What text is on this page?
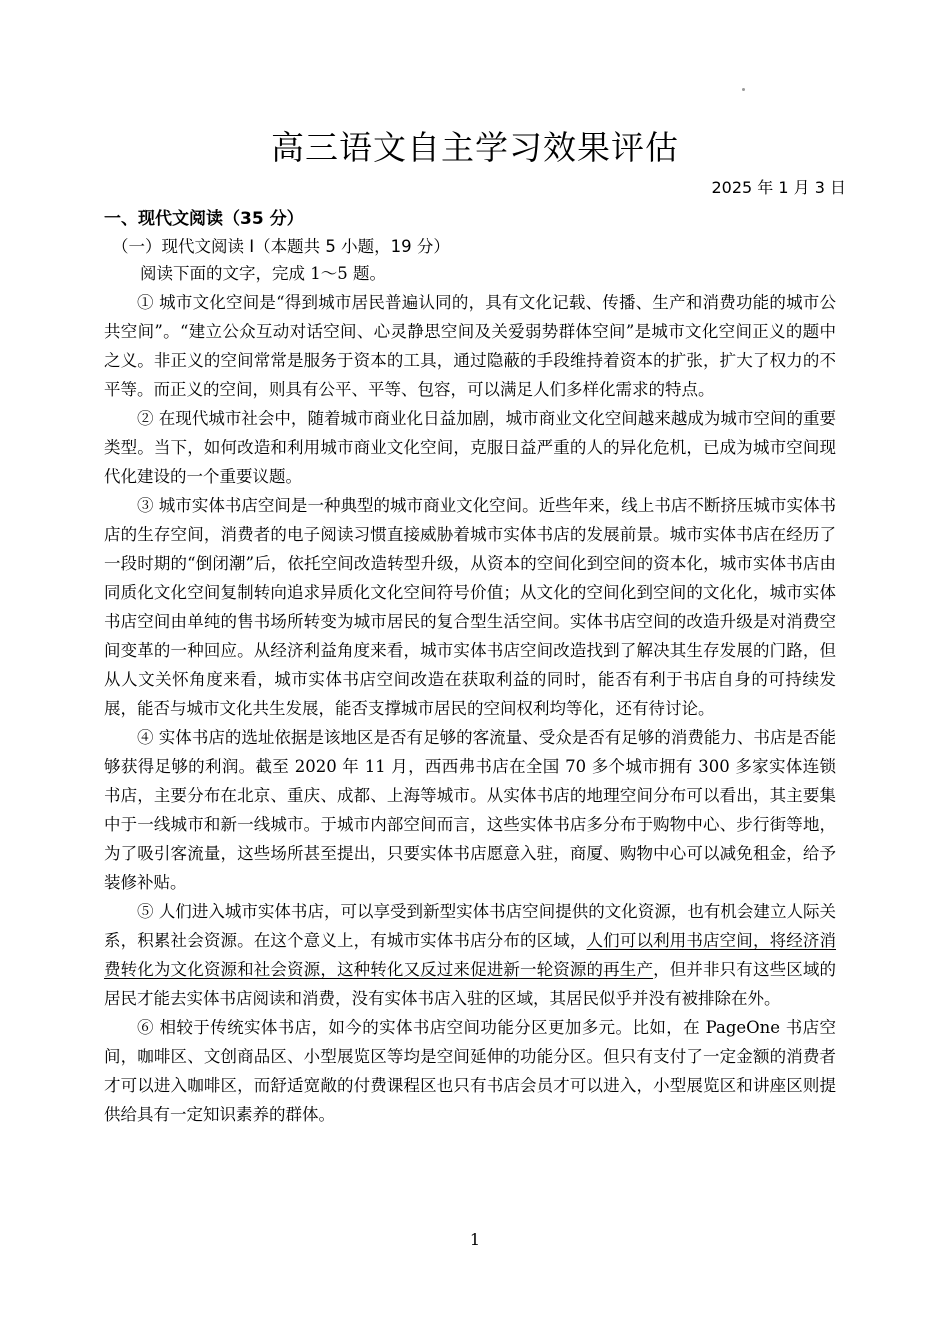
高三语文自主学习效果评估
2025 年 1 月 3 日
一、现代文阅读（35 分）
（一）现代文阅读 I（本题共 5 小题，19 分）
阅读下面的文字，完成 1～5 题。

① 城市文化空间是“得到城市居民普遍认同的，具有文化记载、传播、生产和消费功能的城市公共空间”。“建立公众互动对话空间、心灵静思空间及关爱弱势群体空间”是城市文化空间正义的题中之义。非正义的空间常常是服务于资本的工具，通过隐蔽的手段维持着资本的扩张，扩大了权力的不平等。而正义的空间，则具有公平、平等、包容，可以满足人们多样化需求的特点。

② 在现代城市社会中，随着城市商业化日益加剧，城市商业文化空间越来越成为城市空间的重要类型。当下，如何改造和利用城市商业文化空间，克服日益严重的人的异化危机，已成为城市空间现代化建设的一个重要议题。

③ 城市实体书店空间是一种典型的城市商业文化空间。近些年来，线上书店不断挤压城市实体书店的生存空间，消费者的电子阅读习惯直接威胁着城市实体书店的发展前景。城市实体书店在经历了一段时期的“倒闭潮”后，依托空间改造转型升级，从资本的空间化到空间的资本化，城市实体书店由同质化文化空间复制转向追求异质化文化空间符号价值；从文化的空间化到空间的文化化，城市实体书店空间由单纯的售书场所转变为城市居民的复合型生活空间。实体书店空间的改造升级是对消费空间变革的一种回应。从经济利益角度来看，城市实体书店空间改造找到了解决其生存发展的门路，但从人文关怀角度来看，城市实体书店空间改造在获取利益的同时，能否有利于书店自身的可持续发展，能否与城市文化共生发展，能否支撑城市居民的空间权利均等化，还有待讨论。

④ 实体书店的选址依据是该地区是否有足够的客流量、受众是否有足够的消费能力、书店是否能够获得足够的利润。截至 2020 年 11 月，西西弗书店在全国 70 多个城市拥有 300 多家实体连锁书店，主要分布在北京、重庆、成都、上海等城市。从实体书店的地理空间分布可以看出，其主要集中于一线城市和新一线城市。于城市内部空间而言，这些实体书店多分布于购物中心、步行街等地，为了吸引客流量，这些场所甚至提出，只要实体书店愿意入驻，商厦、购物中心可以减免租金，给予装修补贴。

⑤ 人们进入城市实体书店，可以享受到新型实体书店空间提供的文化资源，也有机会建立人际关系，积累社会资源。在这个意义上，有城市实体书店分布的区域，人们可以利用书店空间，将经济消费转化为文化资源和社会资源，这种转化又反过来促进新一轮资源的再生产，但并非只有这些区域的居民才能去实体书店阅读和消费，没有实体书店入驻的区域，其居民似乎并没有被排除在外。

⑥ 相较于传统实体书店，如今的实体书店空间功能分区更加多元。比如，在 PageOne 书店空间，咖啡区、文创商品区、小型展览区等均是空间延伸的功能分区。但只有支付了一定金额的消费者才可以进入咖啡区，而舒适宽敞的付费课程区也只有书店会员才可以进入，小型展览区和讲座区则提供给具有一定知识素养的群体。

1
